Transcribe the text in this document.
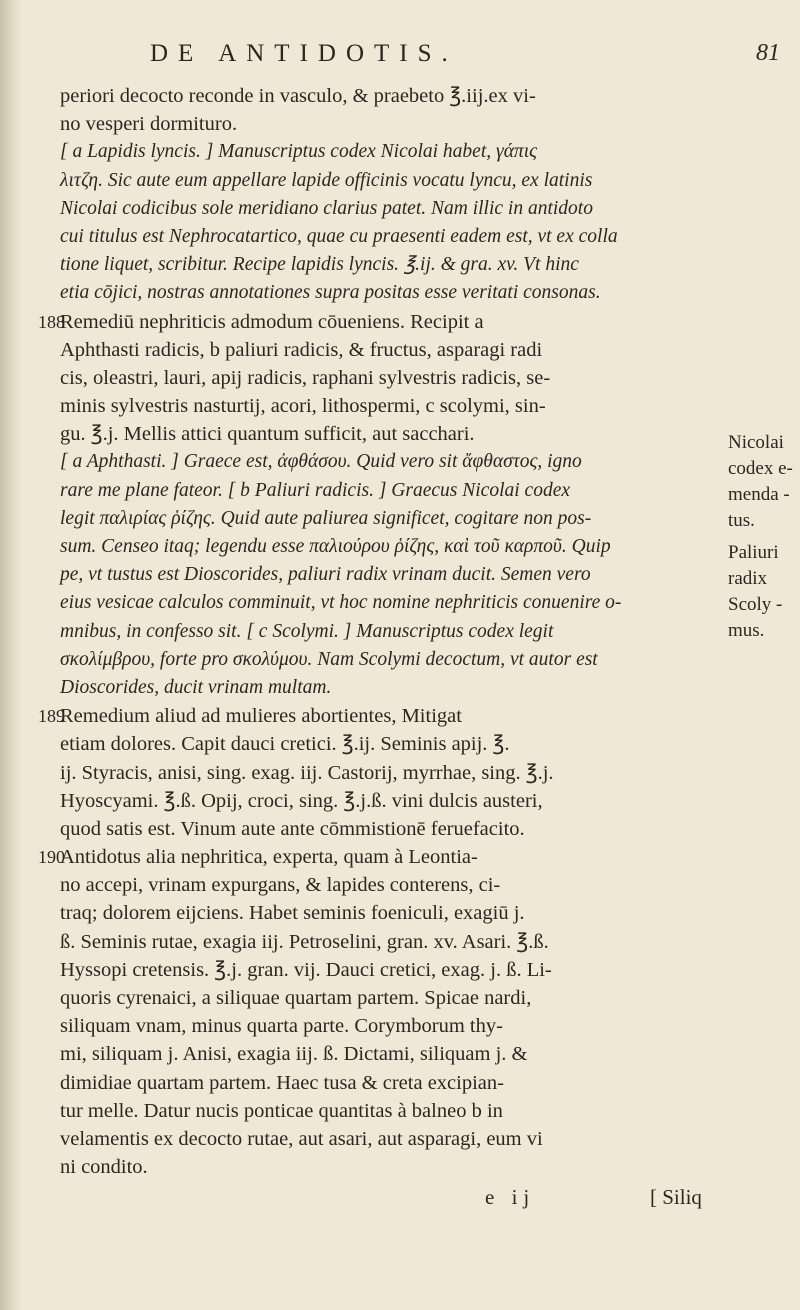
DE ANTIDOTIS.	81
periori decocto reconde in vasculo, & praebeto ℥.iij.ex vi-
no vesperi dormituro.
[ a Lapidis lyncis. ] Manuscriptus codex Nicolai habet, γάπις
λιτζη. Sic aute eum appellare lapide officinis vocatu lyncu, ex latinis
Nicolai codicibus sole meridiano clarius patet. Nam illic in antidoto
cui titulus est Nephrocatartico, quae cu praesenti eadem est, vt ex colla
tione liquet, scribitur. Recipe lapidis lyncis. ℥.ij. & gra. xv. Vt hinc
etia cōjici, nostras annotationes supra positas esse veritati consonas.
188
Remediū nephriticis admodum cōueniens. Recipit a
Aphthasti radicis, b paliuri radicis, & fructus, asparagi radi
cis, oleastri, lauri, apij radicis, raphani sylvestris radicis, se-
minis sylvestris nasturtij, acori, lithospermi, c scolymi, sin-
gu. ℥.j. Mellis attici quantum sufficit, aut sacchari.
[ a Aphthasti. ] Graece est, ἀφθάσου. Quid vero sit ἄφθαστος, igno
rare me plane fateor. [ b Paliuri radicis. ] Graecus Nicolai codex
legit παλιρίας ῥίζης. Quid aute paliurea significet, cogitare non pos-
sum. Censeo itaq; legendu esse παλιούρου ῥίζης, καὶ τοῦ καρποῦ. Quip
pe, vt tustus est Dioscorides, paliuri radix vrinam ducit. Semen vero
eius vesicae calculos comminuit, vt hoc nomine nephriticis conuenire o-
mnibus, in confesso sit. [ c Scolymi. ] Manuscriptus codex legit
σκολίμβρου, forte pro σκολύμου. Nam Scolymi decoctum, vt autor est
Dioscorides, ducit vrinam multam.
189
Remedium aliud ad mulieres abortientes, Mitigat
etiam dolores. Capit dauci cretici. ℥.ij. Seminis apij. ℥.
ij. Styracis, anisi, sing. exag. iij. Castorij, myrrhae, sing. ℥.j.
Hyoscyami. ℥.ß. Opij, croci, sing. ℥.j.ß. vini dulcis austeri,
quod satis est. Vinum aute ante cōmmistionē feruefacito.
190
Antidotus alia nephritica, experta, quam à Leontia-
no accepi, vrinam expurgans, & lapides conterens, ci-
traq; dolorem eijciens. Habet seminis foeniculi, exagiū j.
ß. Seminis rutae, exagia iij. Petroselini, gran. xv. Asari. ℥.ß.
Hyssopi cretensis. ℥.j. gran. vij. Dauci cretici, exag. j. ß. Li-
quoris cyrenaici, a siliquae quartam partem. Spicae nardi,
siliquam vnam, minus quarta parte. Corymborum thy-
mi, siliquam j. Anisi, exagia iij. ß. Dictami, siliquam j. &
dimidiae quartam partem. Haec tusa & creta excipian-
tur melle. Datur nucis ponticae quantitas à balneo b in
velamentis ex decocto rutae, aut asari, aut asparagi, eum vi
ni condito.
Nicolai
codex e-
menda -
tus.
Paliuri
radix
Scoly -
mus.
e ij	[ Siliq
